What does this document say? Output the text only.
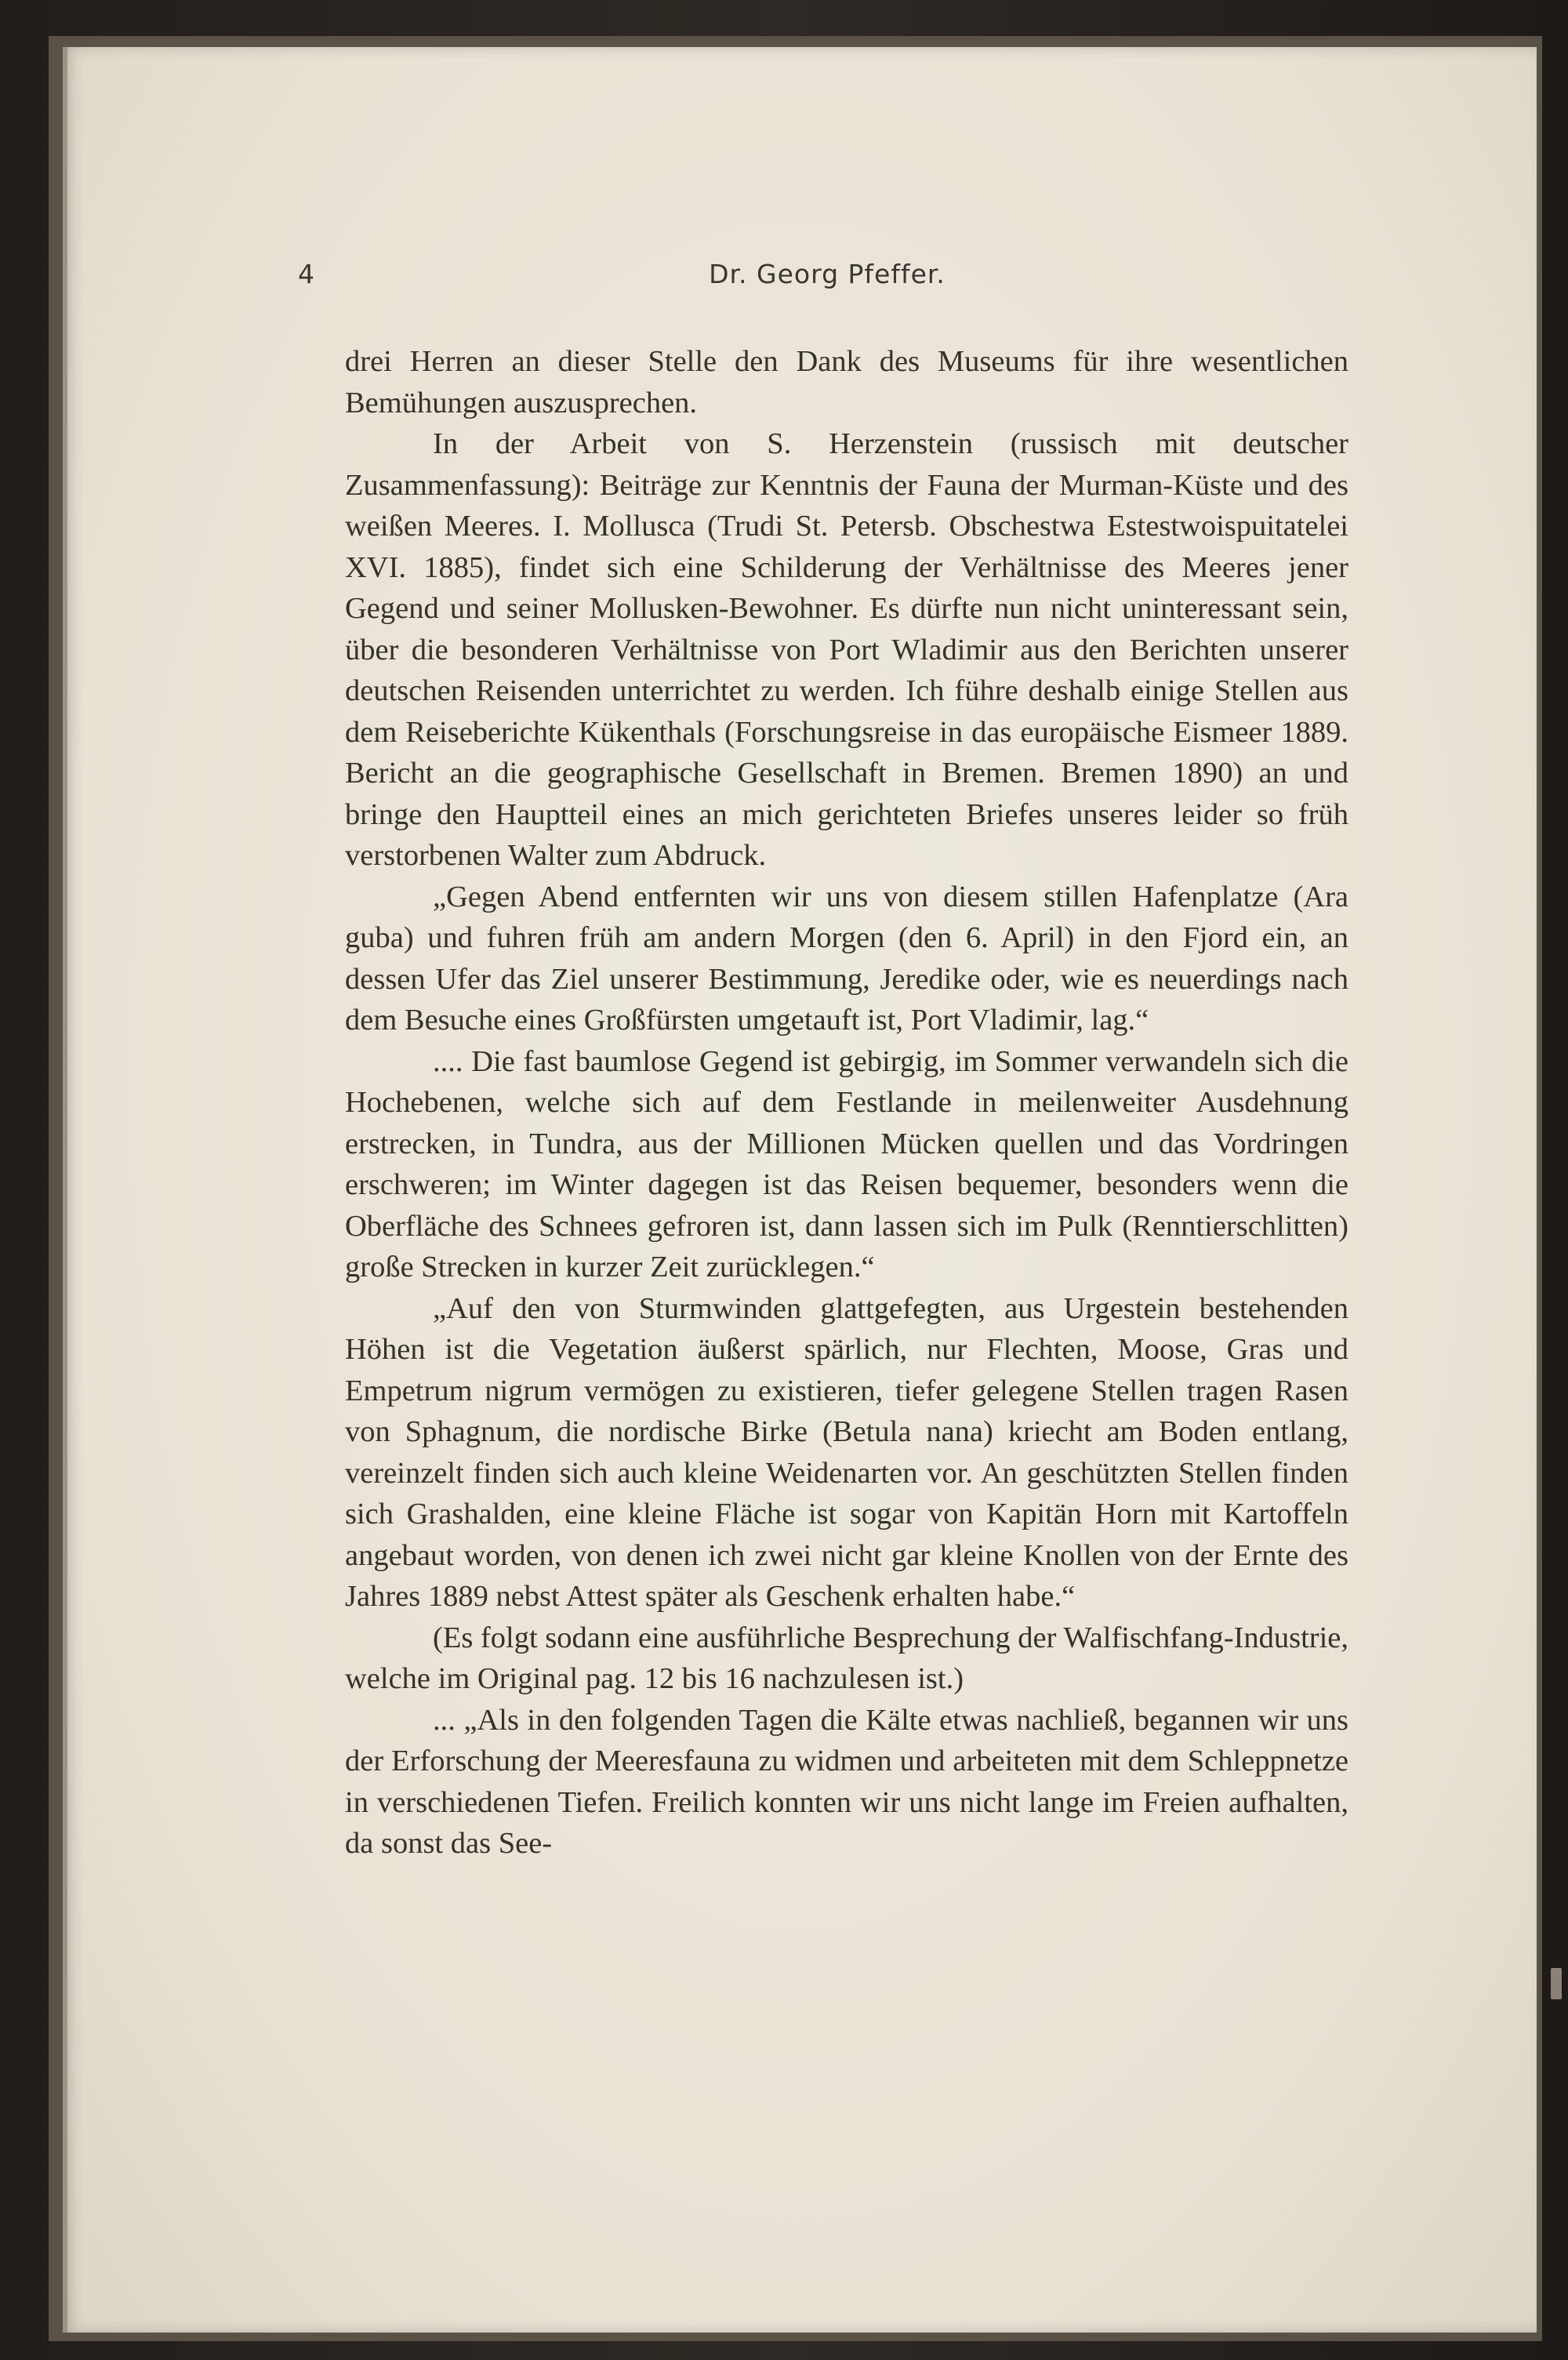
4	Dr. Georg Pfeffer.

drei Herren an dieser Stelle den Dank des Museums für ihre wesentlichen Bemühungen auszusprechen.

In der Arbeit von S. Herzenstein (russisch mit deutscher Zusammenfassung): Beiträge zur Kenntnis der Fauna der Murman-Küste und des weißen Meeres. I. Mollusca (Trudi St. Petersb. Obschestwa Estestwoispuitatelei XVI. 1885), findet sich eine Schilderung der Verhältnisse des Meeres jener Gegend und seiner Mollusken-Bewohner. Es dürfte nun nicht uninteressant sein, über die besonderen Verhältnisse von Port Wladimir aus den Berichten unserer deutschen Reisenden unterrichtet zu werden. Ich führe deshalb einige Stellen aus dem Reiseberichte Kükenthals (Forschungsreise in das europäische Eismeer 1889. Bericht an die geographische Gesellschaft in Bremen. Bremen 1890) an und bringe den Hauptteil eines an mich gerichteten Briefes unseres leider so früh verstorbenen Walter zum Abdruck.

„Gegen Abend entfernten wir uns von diesem stillen Hafenplatze (Ara guba) und fuhren früh am andern Morgen (den 6. April) in den Fjord ein, an dessen Ufer das Ziel unserer Bestimmung, Jeredike oder, wie es neuerdings nach dem Besuche eines Großfürsten umgetauft ist, Port Vladimir, lag.“

.... Die fast baumlose Gegend ist gebirgig, im Sommer verwandeln sich die Hochebenen, welche sich auf dem Festlande in meilenweiter Ausdehnung erstrecken, in Tundra, aus der Millionen Mücken quellen und das Vordringen erschweren; im Winter dagegen ist das Reisen bequemer, besonders wenn die Oberfläche des Schnees gefroren ist, dann lassen sich im Pulk (Renntierschlitten) große Strecken in kurzer Zeit zurücklegen.“

„Auf den von Sturmwinden glattgefegten, aus Urgestein bestehenden Höhen ist die Vegetation äußerst spärlich, nur Flechten, Moose, Gras und Empetrum nigrum vermögen zu existieren, tiefer gelegene Stellen tragen Rasen von Sphagnum, die nordische Birke (Betula nana) kriecht am Boden entlang, vereinzelt finden sich auch kleine Weidenarten vor. An geschützten Stellen finden sich Grashalden, eine kleine Fläche ist sogar von Kapitän Horn mit Kartoffeln angebaut worden, von denen ich zwei nicht gar kleine Knollen von der Ernte des Jahres 1889 nebst Attest später als Geschenk erhalten habe.“

(Es folgt sodann eine ausführliche Besprechung der Walfischfang-Industrie, welche im Original pag. 12 bis 16 nachzulesen ist.)

... „Als in den folgenden Tagen die Kälte etwas nachließ, begannen wir uns der Erforschung der Meeresfauna zu widmen und arbeiteten mit dem Schleppnetze in verschiedenen Tiefen. Freilich konnten wir uns nicht lange im Freien aufhalten, da sonst das See-
